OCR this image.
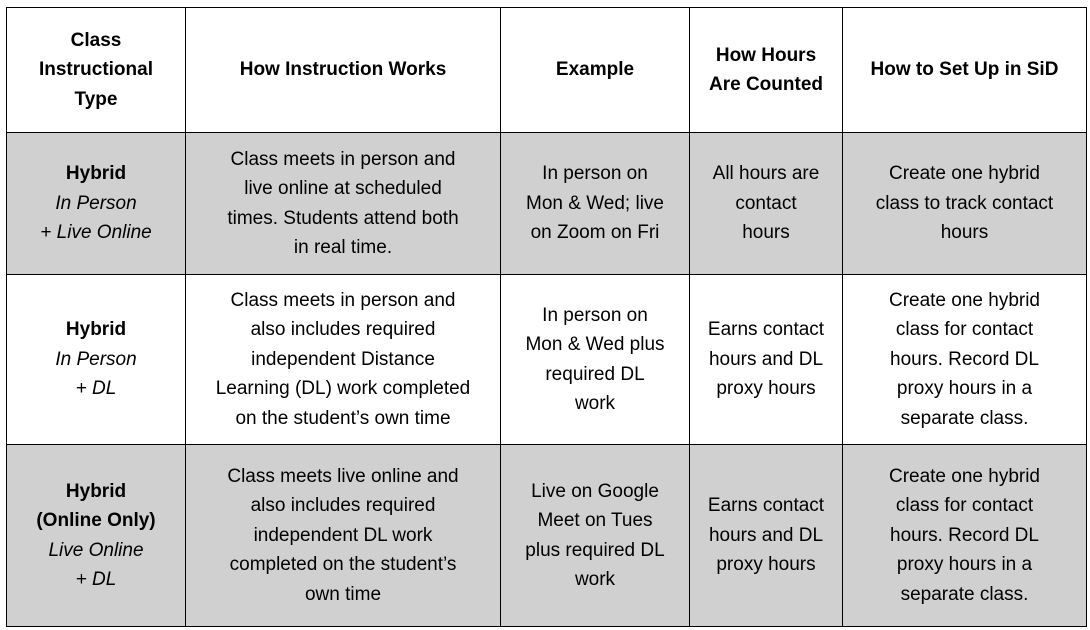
Class
Instructional
Type	How Instruction Works	Example	How Hours
Are Counted	How to Set Up in SiD

Hybrid
In Person
+ Live Online	Class meets in person and
live online at scheduled
times. Students attend both
in real time.	In person on
Mon & Wed; live
on Zoom on Fri	All hours are
contact
hours	Create one hybrid
class to track contact
hours

Hybrid
In Person
+ DL	Class meets in person and
also includes required
independent Distance
Learning (DL) work completed
on the student’s own time	In person on
Mon & Wed plus
required DL
work	Earns contact
hours and DL
proxy hours	Create one hybrid
class for contact
hours. Record DL
proxy hours in a
separate class.

Hybrid
(Online Only)
Live Online
+ DL	Class meets live online and
also includes required
independent DL work
completed on the student’s
own time	Live on Google
Meet on Tues
plus required DL
work	Earns contact
hours and DL
proxy hours	Create one hybrid
class for contact
hours. Record DL
proxy hours in a
separate class.
